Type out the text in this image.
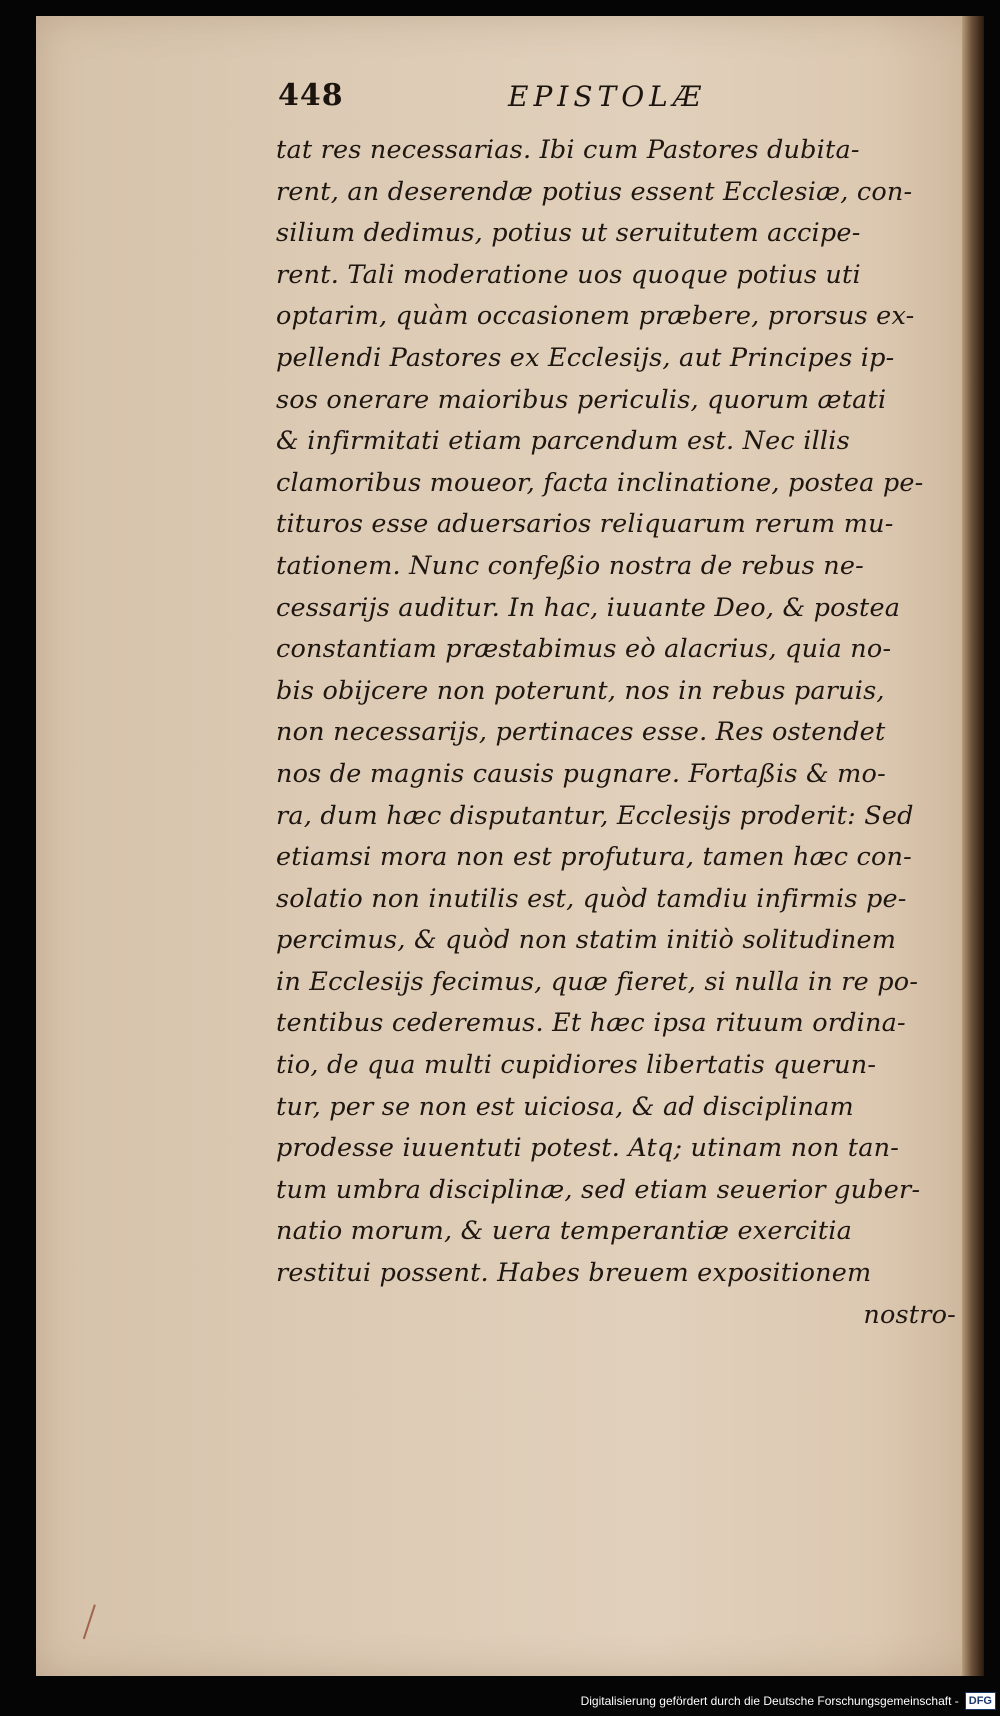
448	EPISTOLÆ
tat res necessarias. Ibi cum Pastores dubita-
rent, an deserendæ potius essent Ecclesiæ, con-
silium dedimus, potius ut seruitutem accipe-
rent. Tali moderatione uos quoque potius uti
optarim, quàm occasionem præbere, prorsus ex-
pellendi Pastores ex Ecclesijs, aut Principes ip-
sos onerare maioribus periculis, quorum ætati
& infirmitati etiam parcendum est. Nec illis
clamoribus moueor, facta inclinatione, postea pe-
tituros esse aduersarios reliquarum rerum mu-
tationem. Nunc confeßio nostra de rebus ne-
cessarijs auditur. In hac, iuuante Deo, & postea
constantiam præstabimus eò alacrius, quia no-
bis obijcere non poterunt, nos in rebus paruis,
non necessarijs, pertinaces esse. Res ostendet
nos de magnis causis pugnare. Fortaßis & mo-
ra, dum hæc disputantur, Ecclesijs proderit: Sed
etiamsi mora non est profutura, tamen hæc con-
solatio non inutilis est, quòd tamdiu infirmis pe-
percimus, & quòd non statim initiò solitudinem
in Ecclesijs fecimus, quæ fieret, si nulla in re po-
tentibus cederemus. Et hæc ipsa rituum ordina-
tio, de qua multi cupidiores libertatis querun-
tur, per se non est uiciosa, & ad disciplinam
prodesse iuuentuti potest. Atq; utinam non tan-
tum umbra disciplinæ, sed etiam seuerior guber-
natio morum, & uera temperantiæ exercitia
restitui possent. Habes breuem expositionem
nostro-
Digitalisierung gefördert durch die Deutsche Forschungsgemeinschaft - DFG
